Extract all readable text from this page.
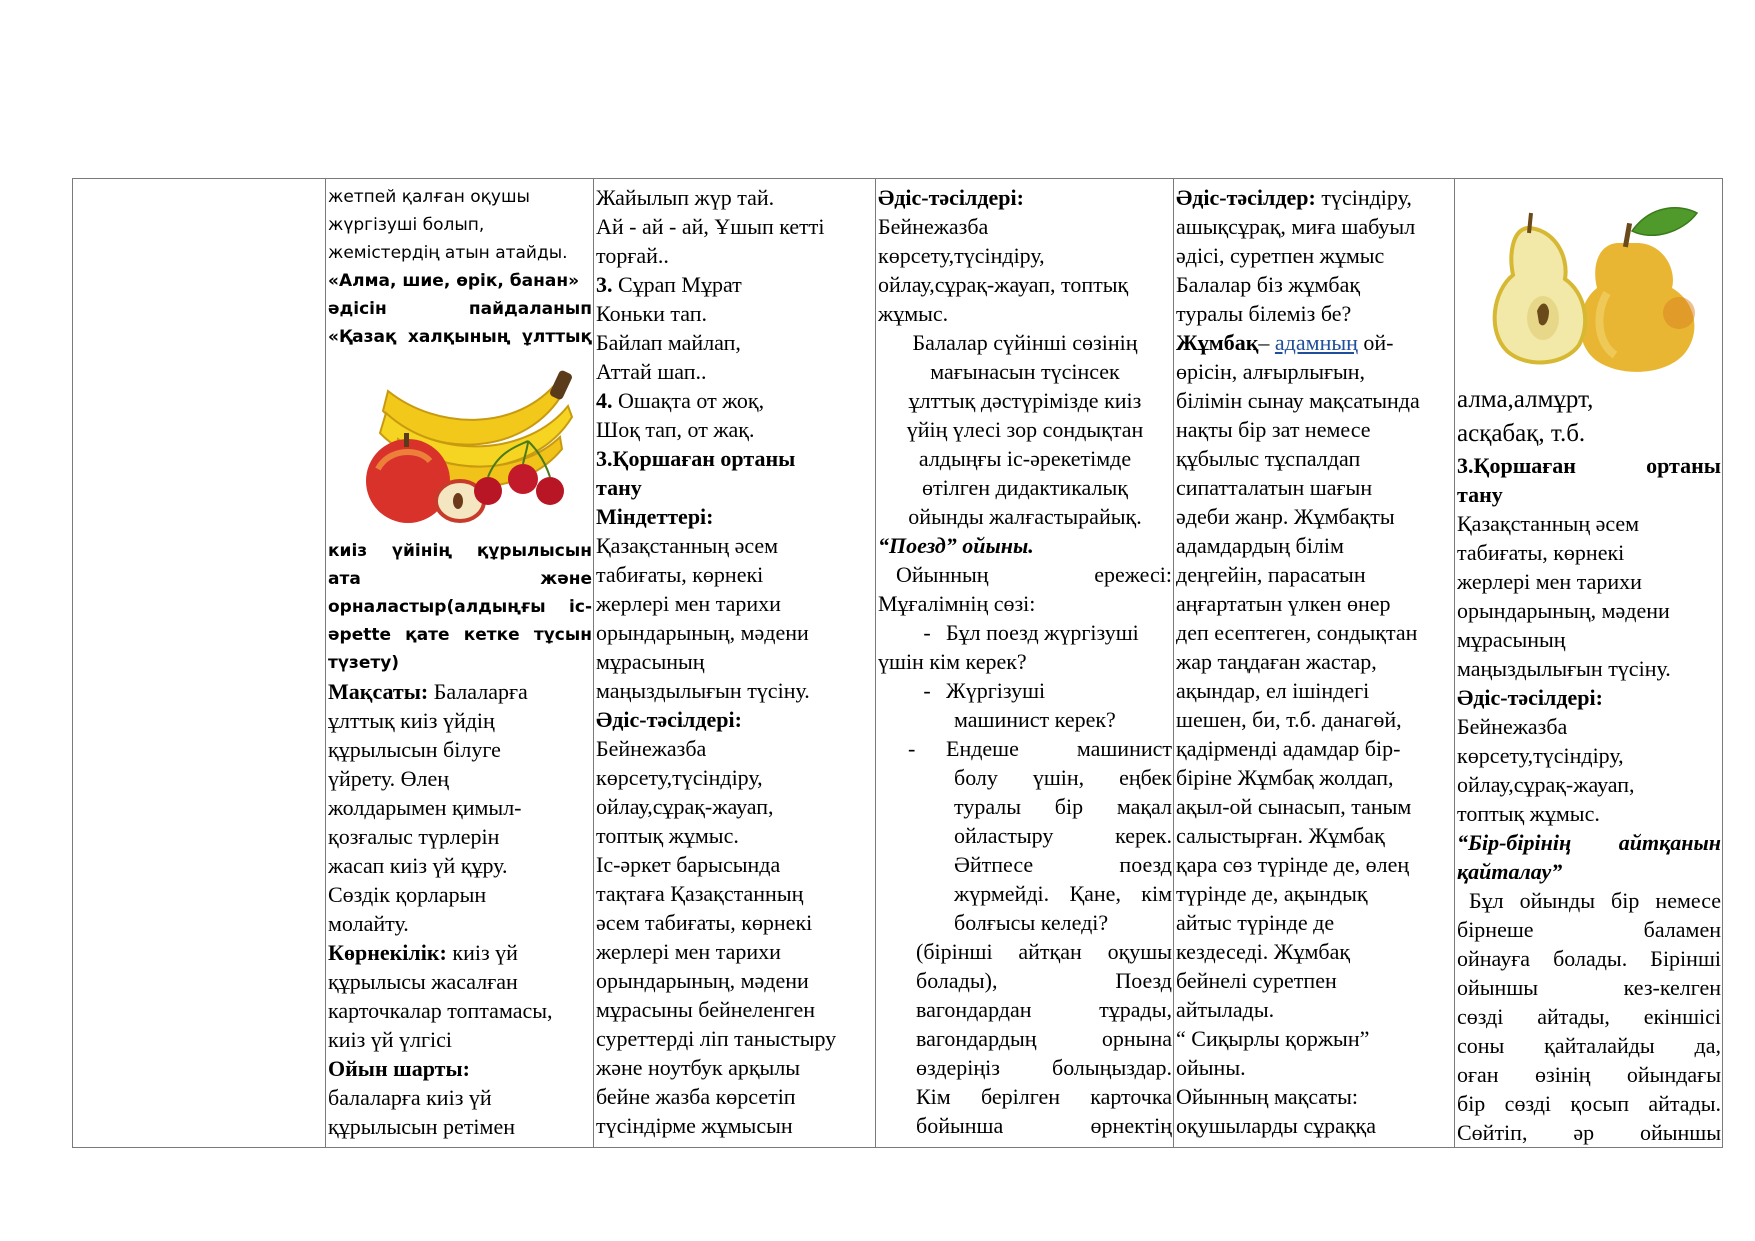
жетпей қалған оқушы
жүргізуші болып,
жемістердің атын атайды.
«Алма, шие, өрік, банан»
әдісін пайдаланып
«Қазақ халқының ұлттық
киіз үйінің құрылысын
ата және
орналастыр(алдыңғы іс-
әрette қате кетке тұсын
түзету)
Мақсаты: Балаларға
ұлттық киіз үйдің
құрылысын білуге
үйрету. Өлең
жолдарымен қимыл-
қозғалыс түрлерін
жасап киіз үй құру.
Сөздік қорларын
молайту.
Көрнекілік: киіз үй
құрылысы жасалған
карточкалар топтамасы,
киіз үй үлгісі
Ойын шарты:
балаларға киіз үй
құрылысын ретімен

Жайылып жүр тай.
Ай - ай - ай, Ұшып кетті
торғай..
3. Сұрап Мұрат
Коньки тап.
Байлап майлап,
Аттай шап..
4. Ошақта от жоқ,
Шоқ тап, от жақ.
3.Қоршаған ортаны
тану
Міндеттері:
Қазақстанның әсем
табиғаты, көрнекі
жерлері мен тарихи
орындарының, мәдени
мұрасының
маңыздылығын түсіну.
Әдіс-тәсілдері:
Бейнежазба
көрсету,түсіндіру,
ойлау,сұрақ-жауап,
топтық жұмыс.
Іс-әркет барысында
тақтаға Қазақстанның
әсем табиғаты, көрнекі
жерлері мен тарихи
орындарының, мәдени
мұрасыны бейнеленген
суреттерді ліп таныстыру
және ноутбук арқылы
бейне жазба көрсетіп
түсіндірме жұмысын

Әдіс-тәсілдері:
Бейнежазба
көрсету,түсіндіру,
ойлау,сұрақ-жауап, топтық
жұмыс.
Балалар сүйінші сөзінің
мағынасын түсінсек
ұлттық дәстүрімізде киіз
үйің үлесі зор сондықтан
алдыңғы іс-әрекетімде
өтілген дидактикалық
ойынды жалғастырайық.
“Поезд” ойыны.
Ойынның ережесі:
Мұғалімнің сөзі:
- Бұл поезд жүргізуші
үшін кім керек?
- Жүргізуші
машинист керек?
- Ендеше машинист
болу үшін, еңбек
туралы бір мақал
ойластыру керек.
Әйтпесе поезд
жүрмейді. Қане, кім
болғысы келеді?
(бірінші айтқан оқушы
болады), Поезд
вагондардан тұрады,
вагондардың орнына
өздеріңіз болыңыздар.
Кім берілген карточка
бойынша өрнектің

Әдіс-тәсілдер: түсіндіру,
ашықсұрақ, миға шабуыл
әдісі, суретпен жұмыс
Балалар біз жұмбақ
туралы білеміз бе?
Жұмбақ– адамның ой-
өрісін, алғырлығын,
білімін сынау мақсатында
нақты бір зат немесе
құбылыс тұспалдап
сипатталатын шағын
әдеби жанр. Жұмбақты
адамдардың білім
деңгейін, парасатын
аңғартатын үлкен өнер
деп есептеген, сондықтан
жар таңдаған жастар,
ақындар, ел ішіндегі
шешен, би, т.б. данагөй,
қадірменді адамдар бір-
біріне Жұмбақ жолдап,
ақыл-ой сынасып, таным
салыстырған. Жұмбақ
қара сөз түрінде де, өлең
түрінде де, ақындық
айтыс түрінде де
кездеседі. Жұмбақ
бейнелі суретпен
айтылады.
“ Сиқырлы қоржын”
ойыны.
Ойынның мақсаты:
оқушыларды сұраққа

алма,алмұрт,
асқабақ, т.б.
3.Қоршаған ортаны
тану
Қазақстанның әсем
табиғаты, көрнекі
жерлері мен тарихи
орындарының, мәдени
мұрасының
маңыздылығын түсіну.
Әдіс-тәсілдері:
Бейнежазба
көрсету,түсіндіру,
ойлау,сұрақ-жауап,
топтық жұмыс.
“Бір-бірінің айтқанын
қайталау”
Бұл ойынды бір немесе
бірнеше баламен
ойнауға болады. Бірінші
ойыншы кез-келген
сөзді айтады, екіншісі
соны қайталайды да,
оған өзінің ойындағы
бір сөзді қосып айтады.
Сөйтіп, әр ойыншы
